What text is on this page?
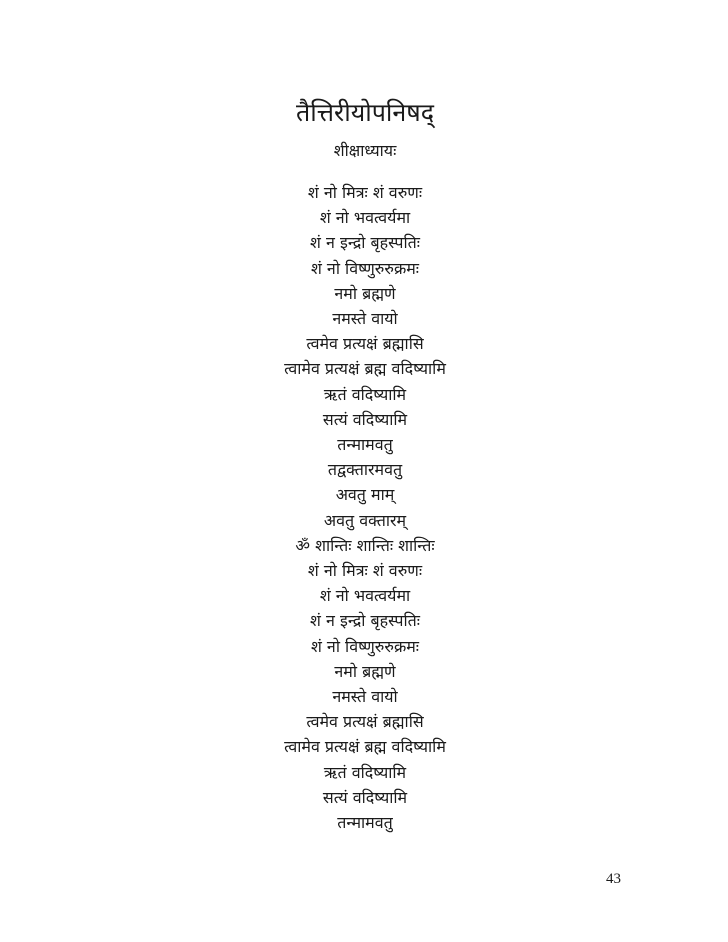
तैत्तिरीयोपनिषद्
शीक्षाध्यायः
शं नो मित्रः शं वरुणः
शं नो भवत्वर्यमा
शं न इन्द्रो बृहस्पतिः
शं नो विष्णुरुरुक्रमः
नमो ब्रह्मणे
नमस्ते वायो
त्वमेव प्रत्यक्षं ब्रह्मासि
त्वामेव प्रत्यक्षं ब्रह्म वदिष्यामि
ऋतं वदिष्यामि
सत्यं वदिष्यामि
तन्मामवतु
तद्वक्तारमवतु
अवतु माम्
अवतु वक्तारम्
ॐ शान्तिः शान्तिः शान्तिः
शं नो मित्रः शं वरुणः
शं नो भवत्वर्यमा
शं न इन्द्रो बृहस्पतिः
शं नो विष्णुरुरुक्रमः
नमो ब्रह्मणे
नमस्ते वायो
त्वमेव प्रत्यक्षं ब्रह्मासि
त्वामेव प्रत्यक्षं ब्रह्म वदिष्यामि
ऋतं वदिष्यामि
सत्यं वदिष्यामि
तन्मामवतु
43
